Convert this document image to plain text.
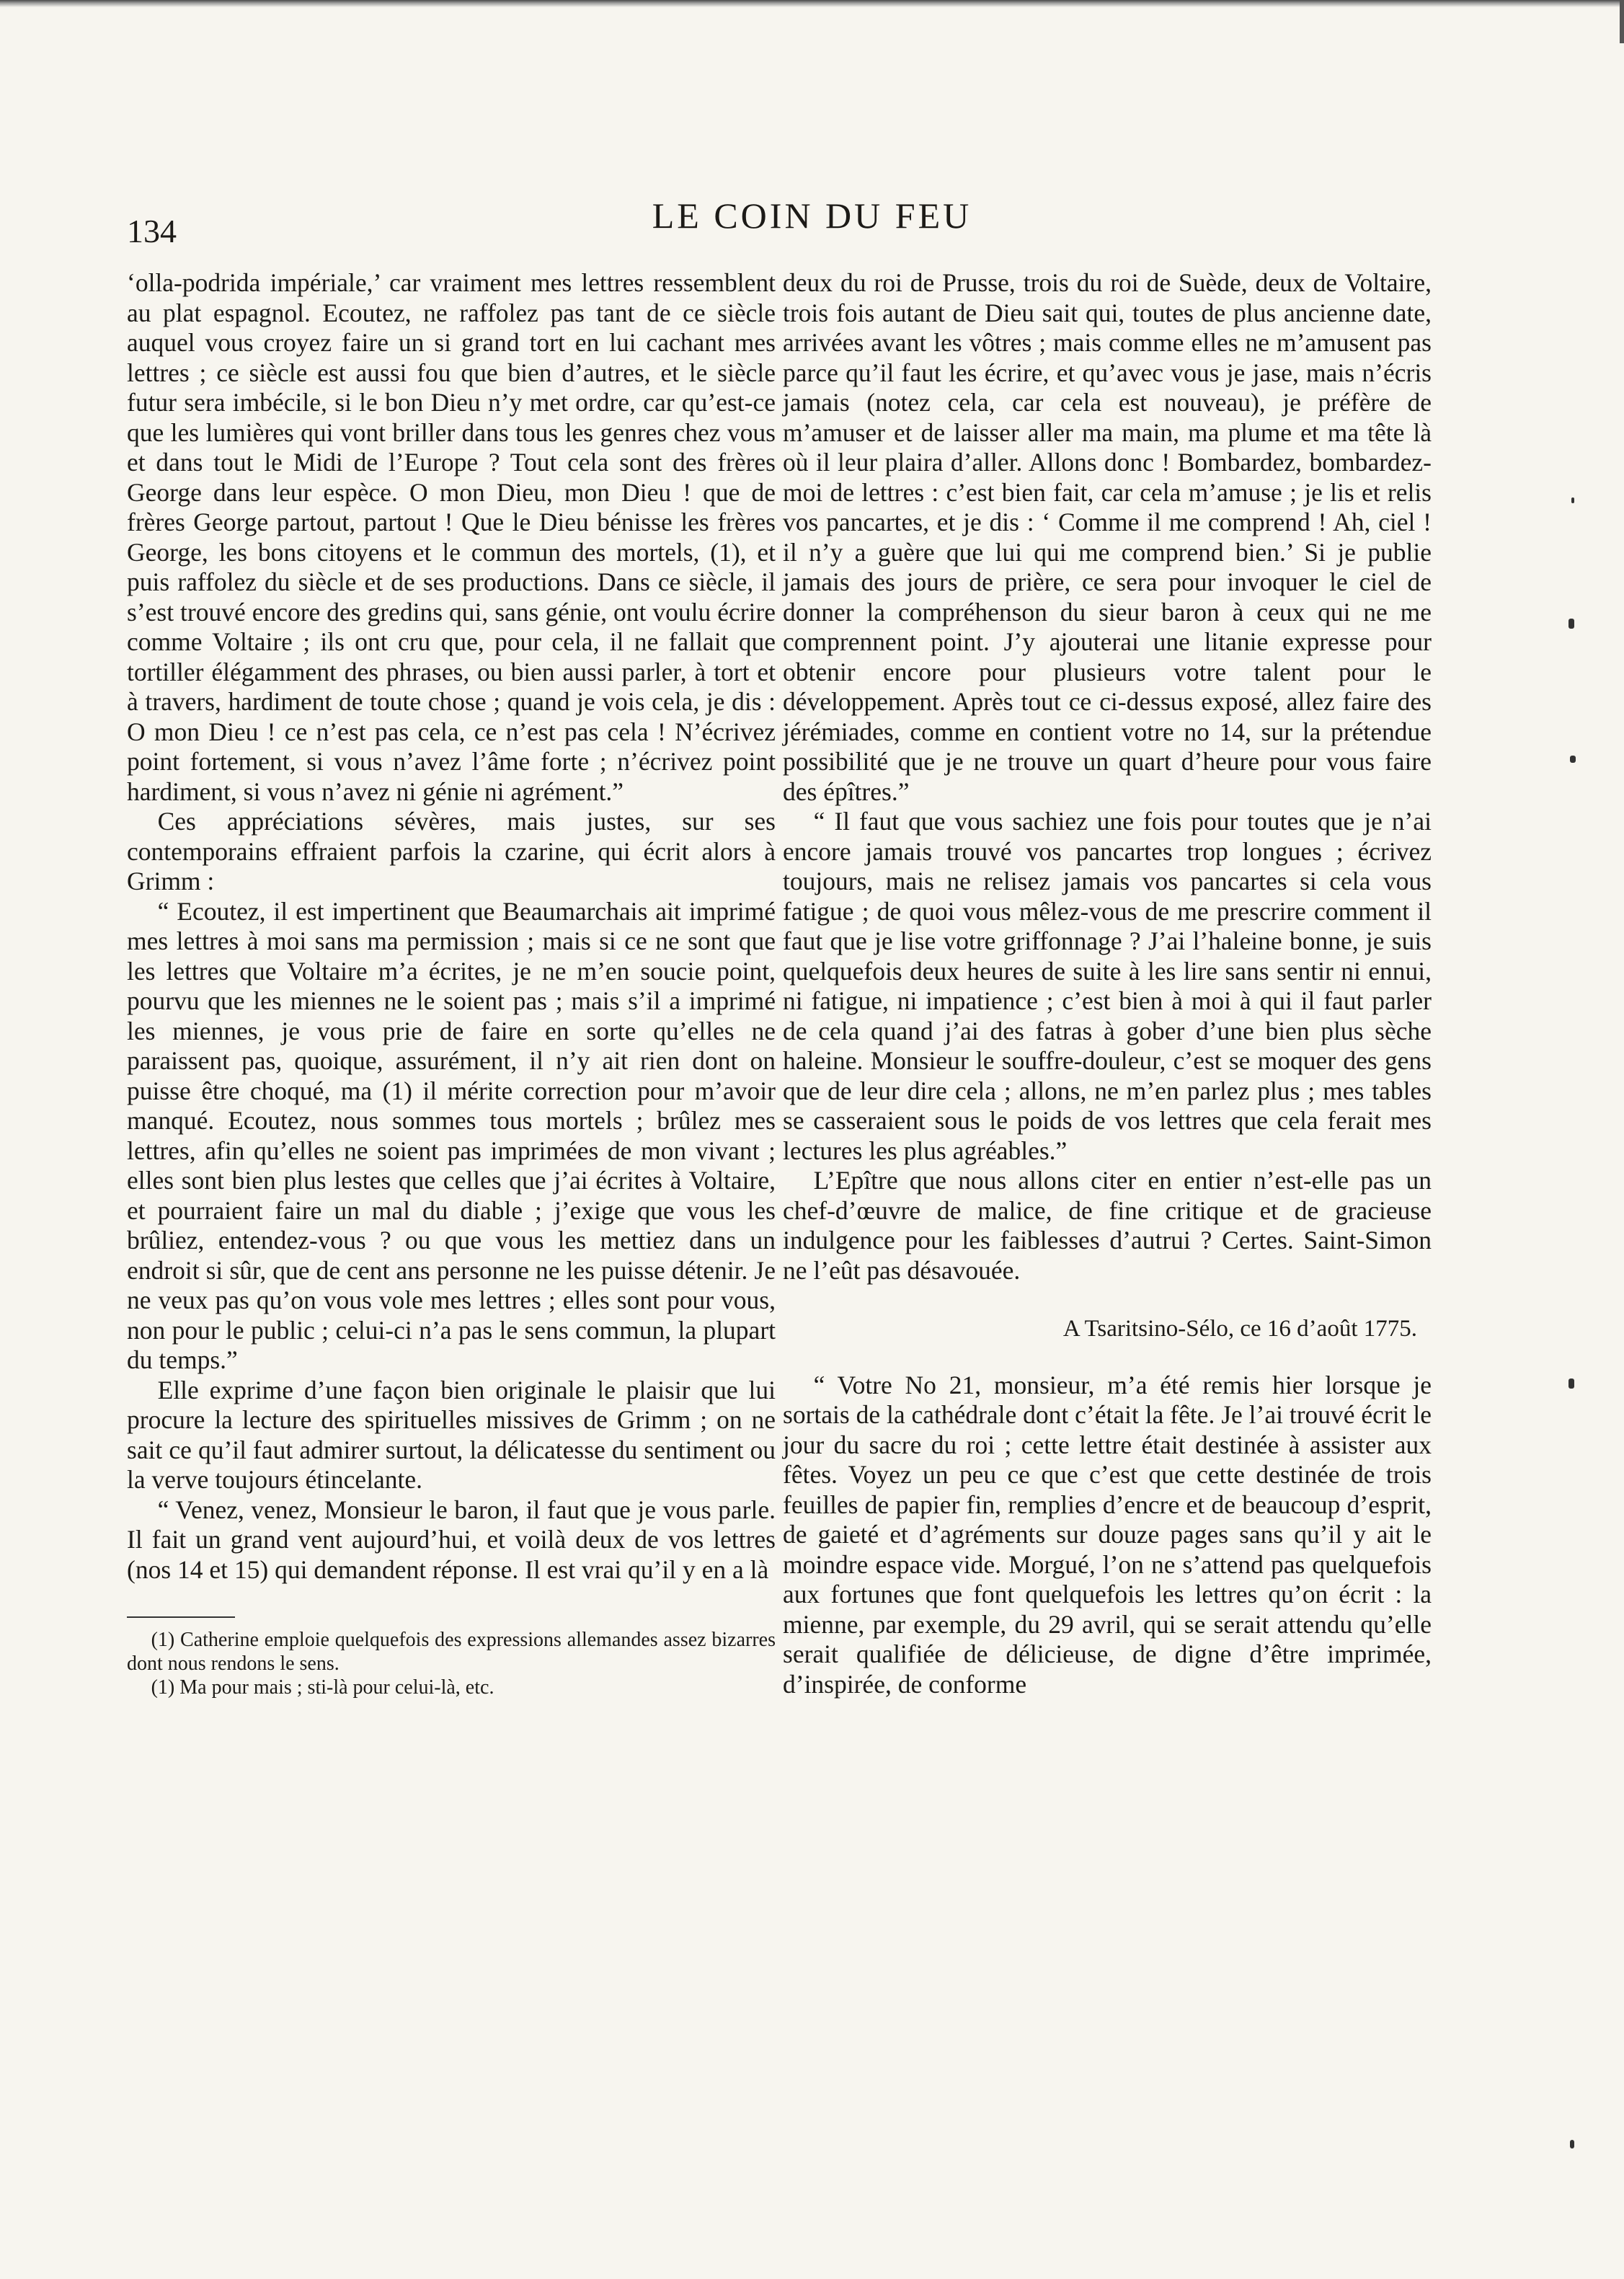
134	LE COIN DU FEU

‘olla-podrida impériale,’ car vraiment mes lettres ressemblent au plat espagnol. Ecoutez, ne raffolez pas tant de ce siècle auquel vous croyez faire un si grand tort en lui cachant mes lettres ; ce siècle est aussi fou que bien d’autres, et le siècle futur sera imbécile, si le bon Dieu n’y met ordre, car qu’est-ce que les lumières qui vont briller dans tous les genres chez vous et dans tout le Midi de l’Europe ? Tout cela sont des frères George dans leur espèce. O mon Dieu, mon Dieu ! que de frères George partout, partout ! Que le Dieu bénisse les frères George, les bons citoyens et le commun des mortels, (1), et puis raffolez du siècle et de ses productions. Dans ce siècle, il s’est trouvé encore des gredins qui, sans génie, ont voulu écrire comme Voltaire ; ils ont cru que, pour cela, il ne fallait que tortiller élégamment des phrases, ou bien aussi parler, à tort et à travers, hardiment de toute chose ; quand je vois cela, je dis : O mon Dieu ! ce n’est pas cela, ce n’est pas cela ! N’écrivez point fortement, si vous n’avez l’âme forte ; n’écrivez point hardiment, si vous n’avez ni génie ni agrément.”

Ces appréciations sévères, mais justes, sur ses contemporains effraient parfois la czarine, qui écrit alors à Grimm :

“ Ecoutez, il est impertinent que Beaumarchais ait imprimé mes lettres à moi sans ma permission ; mais si ce ne sont que les lettres que Voltaire m’a écrites, je ne m’en soucie point, pourvu que les miennes ne le soient pas ; mais s’il a imprimé les miennes, je vous prie de faire en sorte qu’elles ne paraissent pas, quoique, assurément, il n’y ait rien dont on puisse être choqué, ma (1) il mérite correction pour m’avoir manqué. Ecoutez, nous sommes tous mortels ; brûlez mes lettres, afin qu’elles ne soient pas imprimées de mon vivant ; elles sont bien plus lestes que celles que j’ai écrites à Voltaire, et pourraient faire un mal du diable ; j’exige que vous les brûliez, entendez-vous ? ou que vous les mettiez dans un endroit si sûr, que de cent ans personne ne les puisse détenir. Je ne veux pas qu’on vous vole mes lettres ; elles sont pour vous, non pour le public ; celui-ci n’a pas le sens commun, la plupart du temps.”

Elle exprime d’une façon bien originale le plaisir que lui procure la lecture des spirituelles missives de Grimm ; on ne sait ce qu’il faut admirer surtout, la délicatesse du sentiment ou la verve toujours étincelante.

“ Venez, venez, Monsieur le baron, il faut que je vous parle. Il fait un grand vent aujourd’hui, et voilà deux de vos lettres (nos 14 et 15) qui demandent réponse. Il est vrai qu’il y en a là

(1) Catherine emploie quelquefois des expressions allemandes assez bizarres dont nous rendons le sens.

(1) Ma pour mais ; sti-là pour celui-là, etc.

deux du roi de Prusse, trois du roi de Suède, deux de Voltaire, trois fois autant de Dieu sait qui, toutes de plus ancienne date, arrivées avant les vôtres ; mais comme elles ne m’amusent pas parce qu’il faut les écrire, et qu’avec vous je jase, mais n’écris jamais (notez cela, car cela est nouveau), je préfère de m’amuser et de laisser aller ma main, ma plume et ma tête là où il leur plaira d’aller. Allons donc ! Bombardez, bombardez-moi de lettres : c’est bien fait, car cela m’amuse ; je lis et relis vos pancartes, et je dis : ‘ Comme il me comprend ! Ah, ciel ! il n’y a guère que lui qui me comprend bien.’ Si je publie jamais des jours de prière, ce sera pour invoquer le ciel de donner la compréhenson du sieur baron à ceux qui ne me comprennent point. J’y ajouterai une litanie expresse pour obtenir encore pour plusieurs votre talent pour le développement. Après tout ce ci-dessus exposé, allez faire des jérémiades, comme en contient votre no 14, sur la prétendue possibilité que je ne trouve un quart d’heure pour vous faire des épîtres.”

“ Il faut que vous sachiez une fois pour toutes que je n’ai encore jamais trouvé vos pancartes trop longues ; écrivez toujours, mais ne relisez jamais vos pancartes si cela vous fatigue ; de quoi vous mêlez-vous de me prescrire comment il faut que je lise votre griffonnage ? J’ai l’haleine bonne, je suis quelquefois deux heures de suite à les lire sans sentir ni ennui, ni fatigue, ni impatience ; c’est bien à moi à qui il faut parler de cela quand j’ai des fatras à gober d’une bien plus sèche haleine. Monsieur le souffre-douleur, c’est se moquer des gens que de leur dire cela ; allons, ne m’en parlez plus ; mes tables se casseraient sous le poids de vos lettres que cela ferait mes lectures les plus agréables.”

L’Epître que nous allons citer en entier n’est-elle pas un chef-d’œuvre de malice, de fine critique et de gracieuse indulgence pour les faiblesses d’autrui ? Certes. Saint-Simon ne l’eût pas désavouée.

A Tsaritsino-Sélo, ce 16 d’août 1775.

“ Votre No 21, monsieur, m’a été remis hier lorsque je sortais de la cathédrale dont c’était la fête. Je l’ai trouvé écrit le jour du sacre du roi ; cette lettre était destinée à assister aux fêtes. Voyez un peu ce que c’est que cette destinée de trois feuilles de papier fin, remplies d’encre et de beaucoup d’esprit, de gaieté et d’agréments sur douze pages sans qu’il y ait le moindre espace vide. Morgué, l’on ne s’attend pas quelquefois aux fortunes que font quelquefois les lettres qu’on écrit : la mienne, par exemple, du 29 avril, qui se serait attendu qu’elle serait qualifiée de délicieuse, de digne d’être imprimée, d’inspirée, de conforme
